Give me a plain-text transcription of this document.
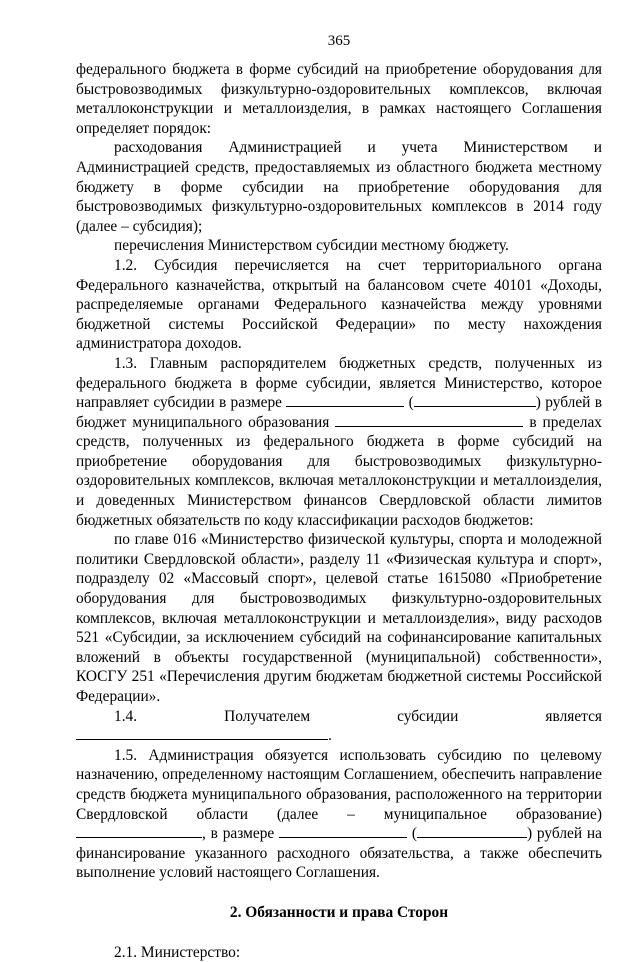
365

федерального бюджета в форме субсидий на приобретение оборудования для быстровозводимых физкультурно-оздоровительных комплексов, включая металлоконструкции и металлоизделия, в рамках настоящего Соглашения определяет порядок:

расходования Администрацией и учета Министерством и Администрацией средств, предоставляемых из областного бюджета местному бюджету в форме субсидии на приобретение оборудования для быстровозводимых физкультурно-оздоровительных комплексов в 2014 году (далее – субсидия);

перечисления Министерством субсидии местному бюджету.

1.2. Субсидия перечисляется на счет территориального органа Федерального казначейства, открытый на балансовом счете 40101 «Доходы, распределяемые органами Федерального казначейства между уровнями бюджетной системы Российской Федерации» по месту нахождения администратора доходов.

1.3. Главным распорядителем бюджетных средств, полученных из федерального бюджета в форме субсидии, является Министерство, которое направляет субсидии в размере	(	) рублей в бюджет муниципального образования	в пределах средств, полученных из федерального бюджета в форме субсидий на приобретение оборудования для быстровозводимых физкультурно-оздоровительных комплексов, включая металлоконструкции и металлоизделия, и доведенных Министерством финансов Свердловской области лимитов бюджетных обязательств по коду классификации расходов бюджетов:

по главе 016 «Министерство физической культуры, спорта и молодежной политики Свердловской области», разделу 11 «Физическая культура и спорт», подразделу 02 «Массовый спорт», целевой статье 1615080 «Приобретение оборудования для быстровозводимых физкультурно-оздоровительных комплексов, включая металлоконструкции и металлоизделия», виду расходов 521 «Субсидии, за исключением субсидий на софинансирование капитальных вложений в объекты государственной (муниципальной) собственности», КОСГУ 251 «Перечисления другим бюджетам бюджетной системы Российской Федерации».

1.4. Получателем субсидии является .

1.5. Администрация обязуется использовать субсидию по целевому назначению, определенному настоящим Соглашением, обеспечить направление средств бюджета муниципального образования, расположенного на территории Свердловской области (далее – муниципальное образование) , в размере	(	) рублей на финансирование указанного расходного обязательства, а также обеспечить выполнение условий настоящего Соглашения.

2. Обязанности и права Сторон

2.1. Министерство:
